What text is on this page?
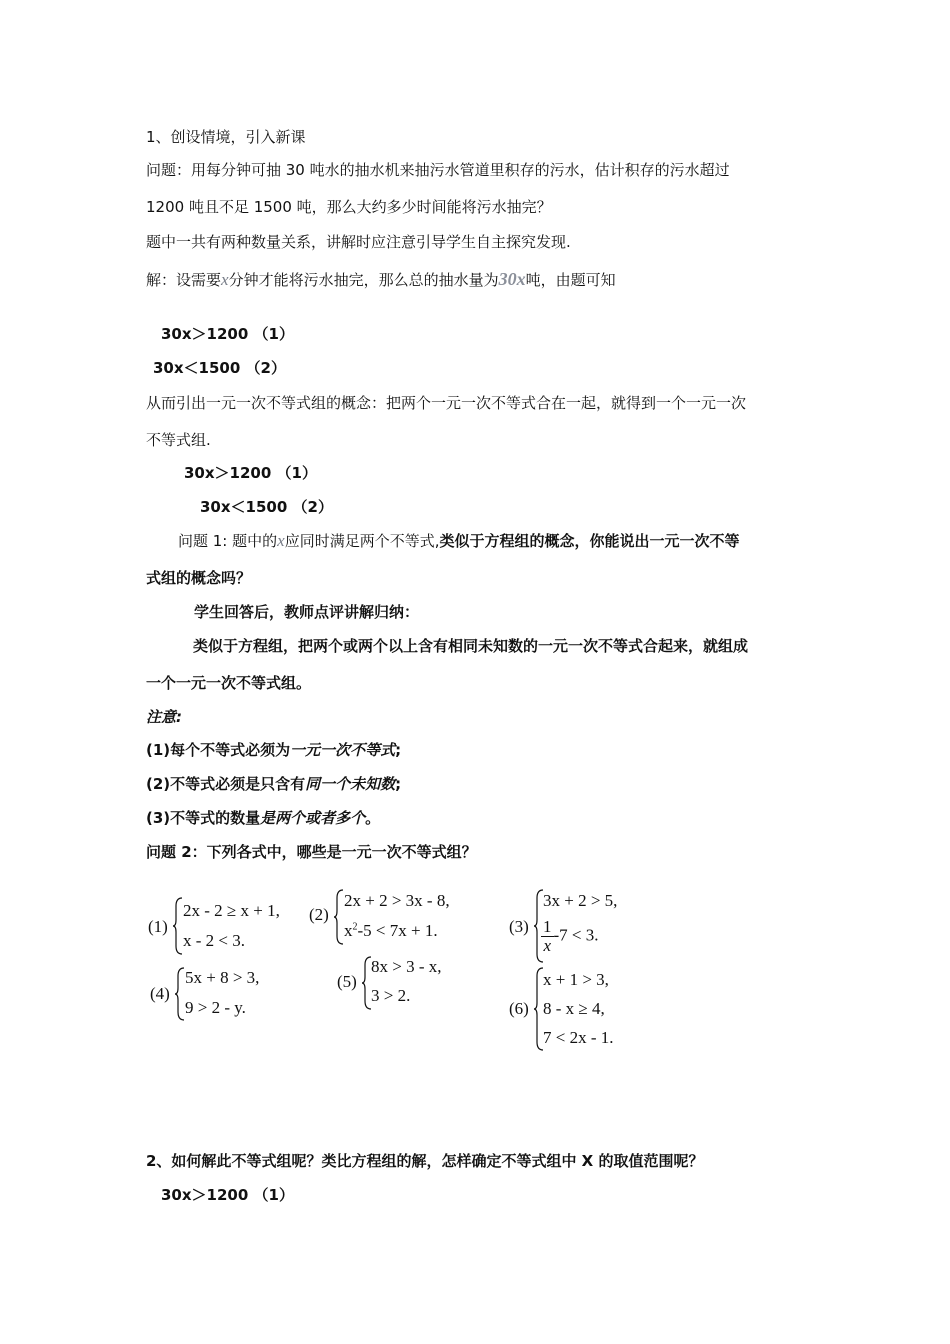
1、创设情境，引入新课
问题：用每分钟可抽 30 吨水的抽水机来抽污水管道里积存的污水，估计积存的污水超过
1200 吨且不足 1500 吨，那么大约多少时间能将污水抽完？
题中一共有两种数量关系，讲解时应注意引导学生自主探究发现.
解：设需要x分钟才能将污水抽完，那么总的抽水量为30x吨，由题可知
30x＞1200 （1）
30x＜1500 （2）
从而引出一元一次不等式组的概念：把两个一元一次不等式合在一起，就得到一个一元一次
不等式组.
30x＞1200 （1）
30x＜1500 （2）
问题 1: 题中的x应同时满足两个不等式,类似于方程组的概念，你能说出一元一次不等
式组的概念吗？
学生回答后，教师点评讲解归纳：
类似于方程组，把两个或两个以上含有相同未知数的一元一次不等式合起来，就组成
一个一元一次不等式组。
注意:
(1)每个不等式必须为一元一次不等式;
(2)不等式必须是只含有同一个未知数;
(3)不等式的数量是两个或者多个。
问题 2：下列各式中，哪些是一元一次不等式组？
(1)
2x - 2 ≥ x + 1,
x - 2 < 3.
(2)
2x + 2 > 3x - 8,
$x^2-5 < 7x + 1$.	(3)
3x + 2 > 5,
$\frac{1}{x} -7 < 3$.
(4)
5x + 8 > 3,
9 > 2 - y.
(5)
8x > 3 - x,
3 > 2.
(6)
x + 1 > 3,
8 - x ≥ 4,
7 < 2x - 1.
2、如何解此不等式组呢？类比方程组的解，怎样确定不等式组中 X 的取值范围呢？
30x＞1200 （1）
